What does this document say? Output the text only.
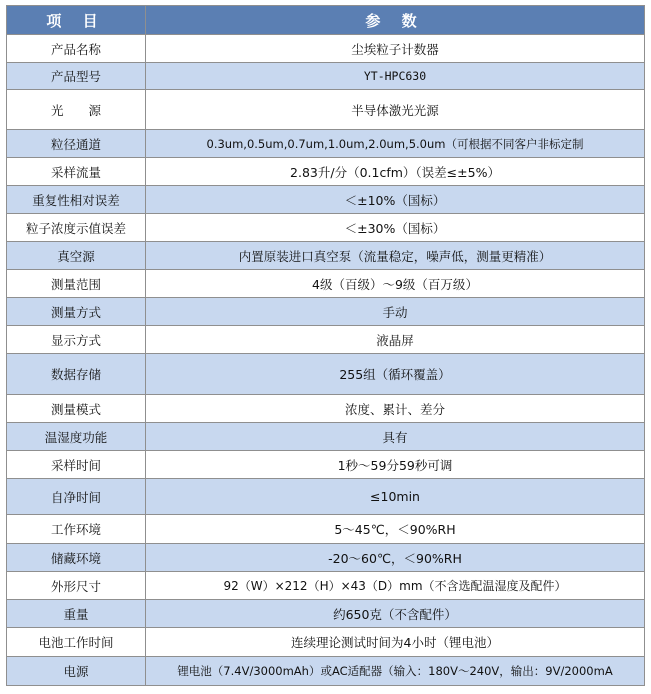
项 目	参 数
产品名称	尘埃粒子计数器
产品型号	YT-HPC630
光　　源	半导体激光光源
粒径通道	0.3um,0.5um,0.7um,1.0um,2.0um,5.0um（可根据不同客户非标定制
采样流量	2.83升/分（0.1cfm）（误差≤±5%）
重复性相对误差	＜±10%（国标）
粒子浓度示值误差	＜±30%（国标）
真空源	内置原装进口真空泵（流量稳定，噪声低，测量更精准）
测量范围	4级（百级）～9级（百万级）
测量方式	手动
显示方式	液晶屏
数据存储	255组（循环覆盖）
测量模式	浓度、累计、差分
温湿度功能	具有
采样时间	1秒～59分59秒可调
自净时间	≤10min
工作环境	5～45℃，＜90%RH
储藏环境	-20～60℃，＜90%RH
外形尺寸	92（W）×212（H）×43（D）mm（不含选配温湿度及配件）
重量	约650克（不含配件）
电池工作时间	连续理论测试时间为4小时（锂电池）
电源	锂电池（7.4V/3000mAh）或AC适配器（输入：180V～240V，输出：9V/2000mA
